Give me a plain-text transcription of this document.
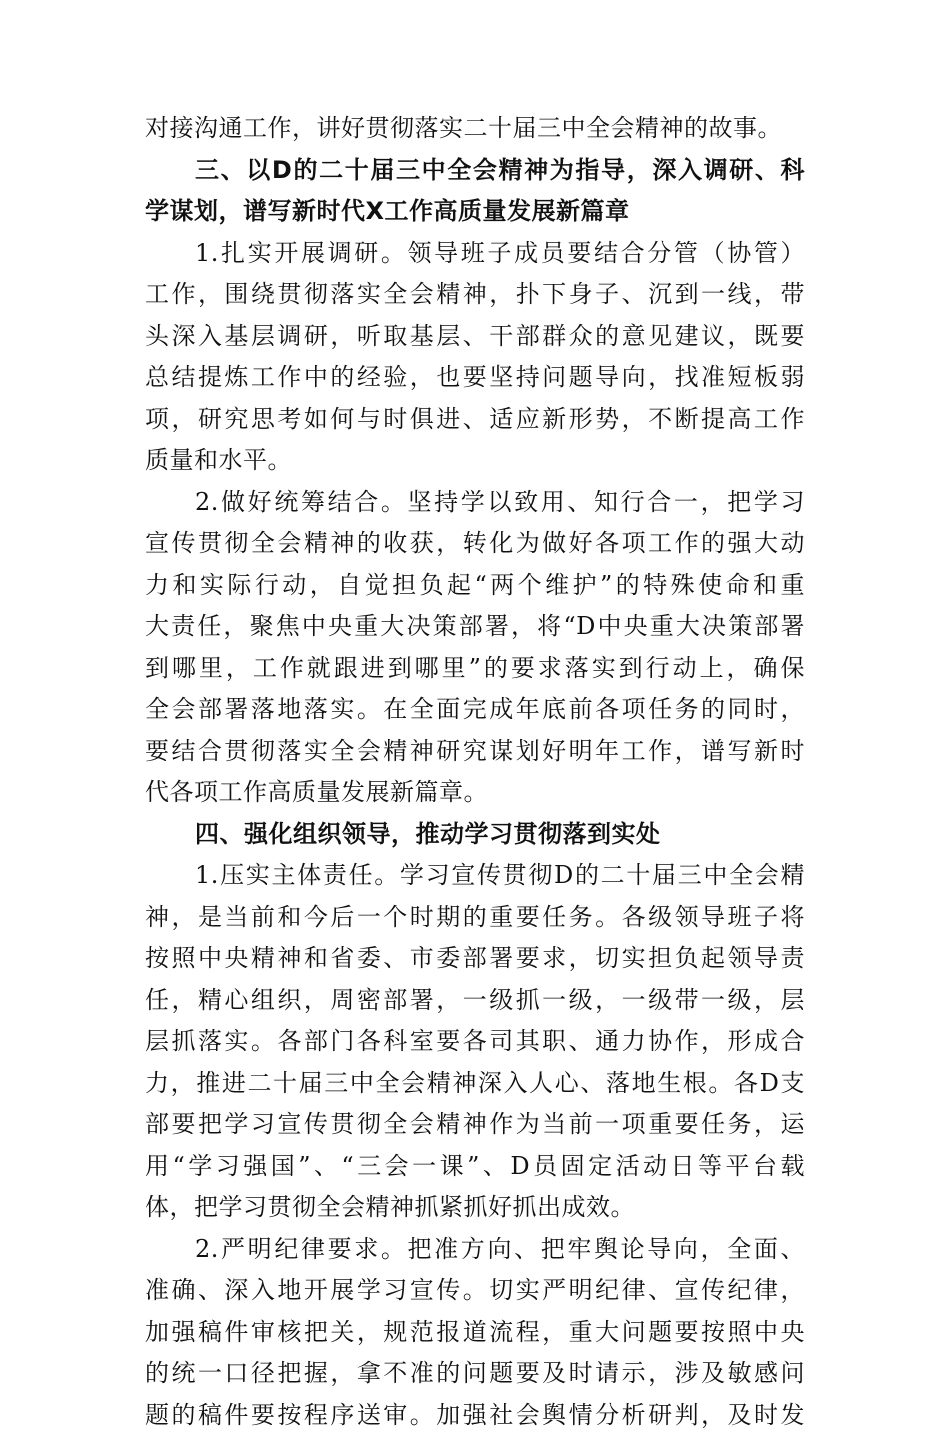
对接沟通工作，讲好贯彻落实二十届三中全会精神的故事。
三、以D的二十届三中全会精神为指导，深入调研、科
学谋划，谱写新时代X工作高质量发展新篇章
1.扎实开展调研。领导班子成员要结合分管（协管）
工作，围绕贯彻落实全会精神，扑下身子、沉到一线，带
头深入基层调研，听取基层、干部群众的意见建议，既要
总结提炼工作中的经验，也要坚持问题导向，找准短板弱
项，研究思考如何与时俱进、适应新形势，不断提高工作
质量和水平。
2.做好统筹结合。坚持学以致用、知行合一，把学习
宣传贯彻全会精神的收获，转化为做好各项工作的强大动
力和实际行动，自觉担负起“两个维护”的特殊使命和重
大责任，聚焦中央重大决策部署，将“D中央重大决策部署
到哪里，工作就跟进到哪里”的要求落实到行动上，确保
全会部署落地落实。在全面完成年底前各项任务的同时，
要结合贯彻落实全会精神研究谋划好明年工作，谱写新时
代各项工作高质量发展新篇章。
四、强化组织领导，推动学习贯彻落到实处
1.压实主体责任。学习宣传贯彻D的二十届三中全会精
神，是当前和今后一个时期的重要任务。各级领导班子将
按照中央精神和省委、市委部署要求，切实担负起领导责
任，精心组织，周密部署，一级抓一级，一级带一级，层
层抓落实。各部门各科室要各司其职、通力协作，形成合
力，推进二十届三中全会精神深入人心、落地生根。各D支
部要把学习宣传贯彻全会精神作为当前一项重要任务，运
用“学习强国”、“三会一课”、D员固定活动日等平台载
体，把学习贯彻全会精神抓紧抓好抓出成效。
2.严明纪律要求。把准方向、把牢舆论导向，全面、
准确、深入地开展学习宣传。切实严明纪律、宣传纪律，
加强稿件审核把关，规范报道流程，重大问题要按照中央
的统一口径把握，拿不准的问题要及时请示，涉及敏感问
题的稿件要按程序送审。加强社会舆情分析研判，及时发
